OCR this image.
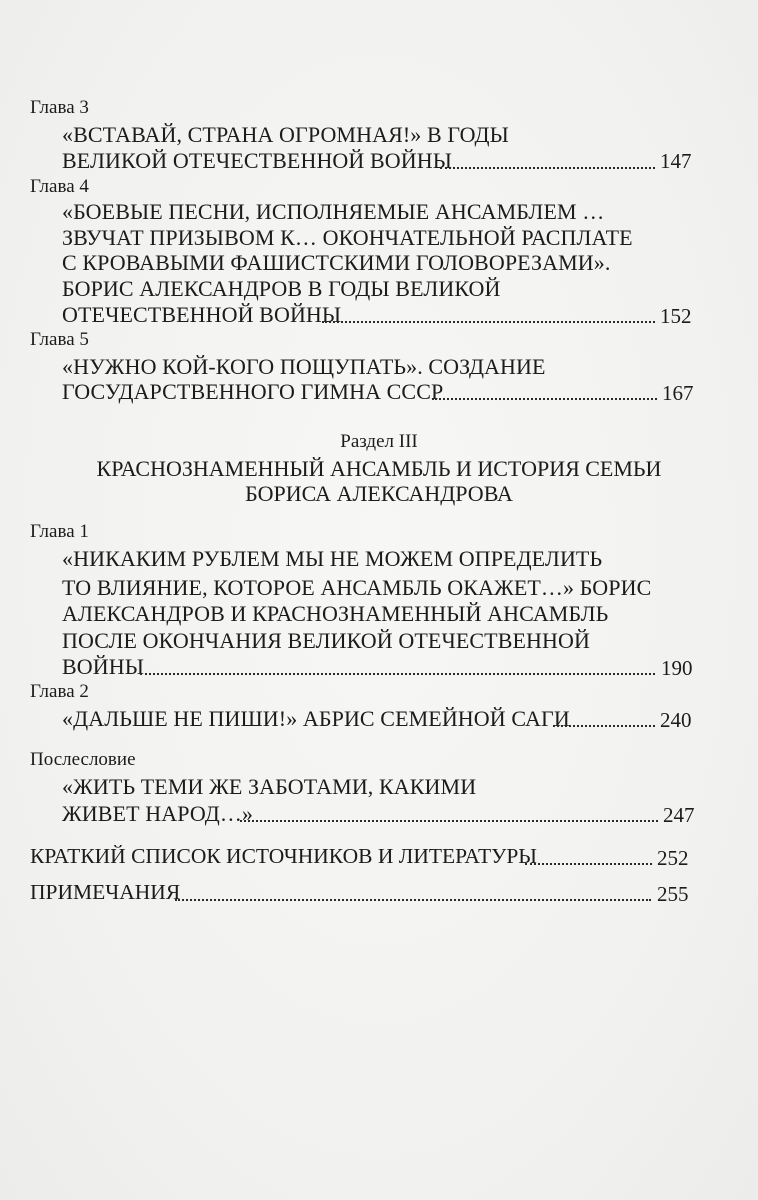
Глава 3
«ВСТАВАЙ, СТРАНА ОГРОМНАЯ!» В ГОДЫ
ВЕЛИКОЙ ОТЕЧЕСТВЕННОЙ ВОЙНЫ	147
Глава 4
«БОЕВЫЕ ПЕСНИ, ИСПОЛНЯЕМЫЕ АНСАМБЛЕМ …
ЗВУЧАТ ПРИЗЫВОМ К… ОКОНЧАТЕЛЬНОЙ РАСПЛАТЕ
С КРОВАВЫМИ ФАШИСТСКИМИ ГОЛОВОРЕЗАМИ».
БОРИС АЛЕКСАНДРОВ В ГОДЫ ВЕЛИКОЙ
ОТЕЧЕСТВЕННОЙ ВОЙНЫ	152
Глава 5
«НУЖНО КОЙ-КОГО ПОЩУПАТЬ». СОЗДАНИЕ
ГОСУДАРСТВЕННОГО ГИМНА СССР	167
Раздел III
КРАСНОЗНАМЕННЫЙ АНСАМБЛЬ И ИСТОРИЯ СЕМЬИ
БОРИСА АЛЕКСАНДРОВА
Глава 1
«НИКАКИМ РУБЛЕМ МЫ НЕ МОЖЕМ ОПРЕДЕЛИТЬ
ТО ВЛИЯНИЕ, КОТОРОЕ АНСАМБЛЬ ОКАЖЕТ…» БОРИС
АЛЕКСАНДРОВ И КРАСНОЗНАМЕННЫЙ АНСАМБЛЬ
ПОСЛЕ ОКОНЧАНИЯ ВЕЛИКОЙ ОТЕЧЕСТВЕННОЙ
ВОЙНЫ	190
Глава 2
«ДАЛЬШЕ НЕ ПИШИ!» АБРИС СЕМЕЙНОЙ САГИ	240
Послесловие
«ЖИТЬ ТЕМИ ЖЕ ЗАБОТАМИ, КАКИМИ
ЖИВЕТ НАРОД…»	247
КРАТКИЙ СПИСОК ИСТОЧНИКОВ И ЛИТЕРАТУРЫ	252
ПРИМЕЧАНИЯ	255
